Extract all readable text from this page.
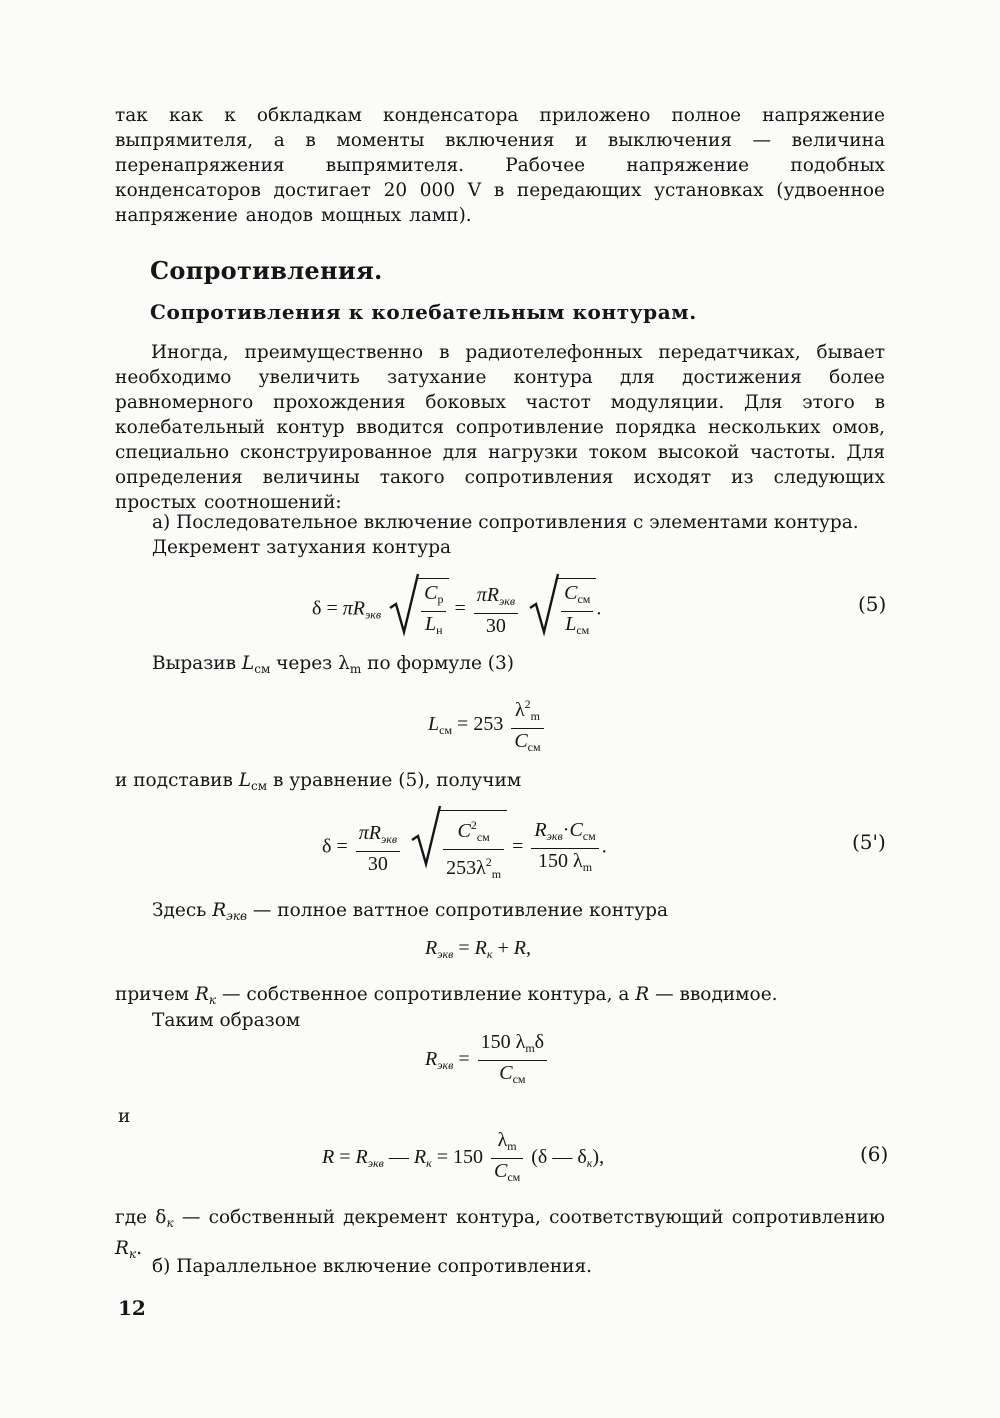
так как к обкладкам конденсатора приложено полное напряжение выпрямителя, а в моменты включения и выключения — величина перенапряжения выпрямителя. Рабочее напряжение подобных конденсаторов достигает 20 000 V в передающих установках (удвоенное напряжение анодов мощных ламп).
Сопротивления.
Сопротивления к колебательным контурам.
Иногда, преимущественно в радиотелефонных передатчиках, бывает необходимо увеличить затухание контура для достижения более равномерного прохождения боковых частот модуляции. Для этого в колебательный контур вводится сопротивление порядка нескольких омов, специально сконструированное для нагрузки током высокой частоты. Для определения величины такого сопротивления исходят из следующих простых соотношений:
а) Последовательное включение сопротивления с элементами контура.
Декремент затухания контура
$\delta = \pi R_{экв} \frac{C_р}{L_н} = \frac{\pi R_{экв}}{30}$
$\frac{C_{см}}{L_{см}}$ .	(5)
Выразив $L_{см}$ через $\lambda_m$ по формуле (3)
$L_{см} = 253 \frac{\lambda^2_m}{C_{см}}$
и подставив $L_{см}$ в уравнение (5), получим
$\delta = \frac{\pi R_{экв}}{30}$
$\frac{C^2_{см}}{253\lambda^2_m} = \frac{R_{экв}\cdot C_{см}}{150 \lambda_m}$ .	(5')
Здесь $R_{экв}$ — полное ваттное сопротивление контура
$R_{экв} = R_к + R$,
причем $R_к$ — собственное сопротивление контура, а R — вводимое.
Таким образом
$R_{экв} = \frac{150 \lambda_m\delta}{C_{см}}$
и
$R = R_{экв}$ — $R_к = 150 \frac{\lambda_m}{C_{см}} (\delta$ — $\delta_к$),	(6)
где $\delta_к$ — собственный декремент контура, соответствующий сопротивлению $R_к$.
б) Параллельное включение сопротивления.
12
